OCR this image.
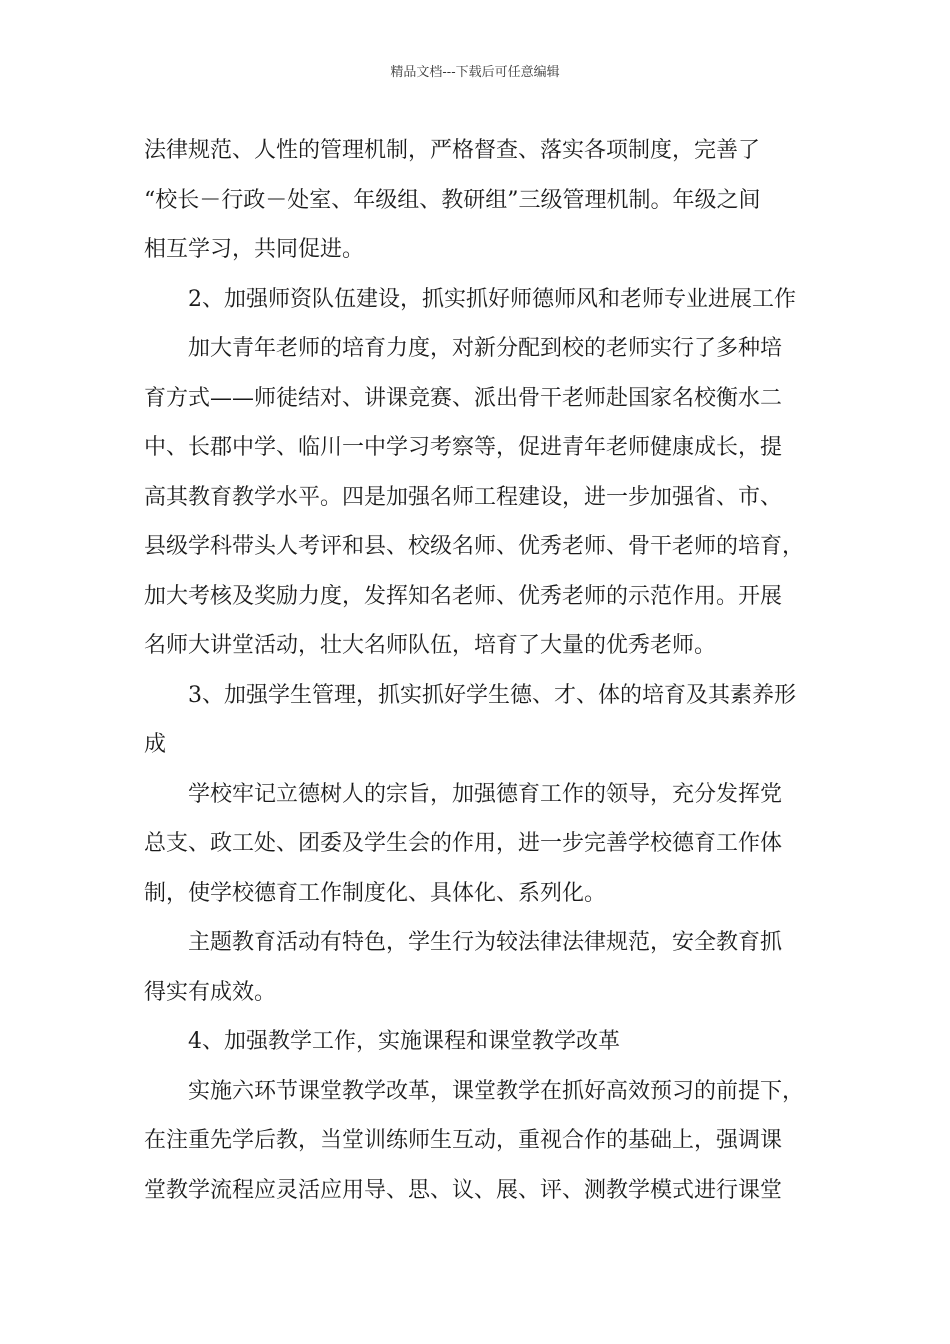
精品文档---下载后可任意编辑
法律规范、人性的管理机制，严格督查、落实各项制度，完善了
“校长－行政－处室、年级组、教研组”三级管理机制。年级之间
相互学习，共同促进。
2、加强师资队伍建设，抓实抓好师德师风和老师专业进展工作
加大青年老师的培育力度，对新分配到校的老师实行了多种培
育方式——师徒结对、讲课竞赛、派出骨干老师赴国家名校衡水二
中、长郡中学、临川一中学习考察等，促进青年老师健康成长，提
高其教育教学水平。四是加强名师工程建设，进一步加强省、市、
县级学科带头人考评和县、校级名师、优秀老师、骨干老师的培育，
加大考核及奖励力度，发挥知名老师、优秀老师的示范作用。开展
名师大讲堂活动，壮大名师队伍，培育了大量的优秀老师。
3、加强学生管理，抓实抓好学生德、才、体的培育及其素养形
成
学校牢记立德树人的宗旨，加强德育工作的领导，充分发挥党
总支、政工处、团委及学生会的作用，进一步完善学校德育工作体
制，使学校德育工作制度化、具体化、系列化。
主题教育活动有特色，学生行为较法律法律规范，安全教育抓
得实有成效。
4、加强教学工作，实施课程和课堂教学改革
实施六环节课堂教学改革，课堂教学在抓好高效预习的前提下，
在注重先学后教，当堂训练师生互动，重视合作的基础上，强调课
堂教学流程应灵活应用导、思、议、展、评、测教学模式进行课堂
